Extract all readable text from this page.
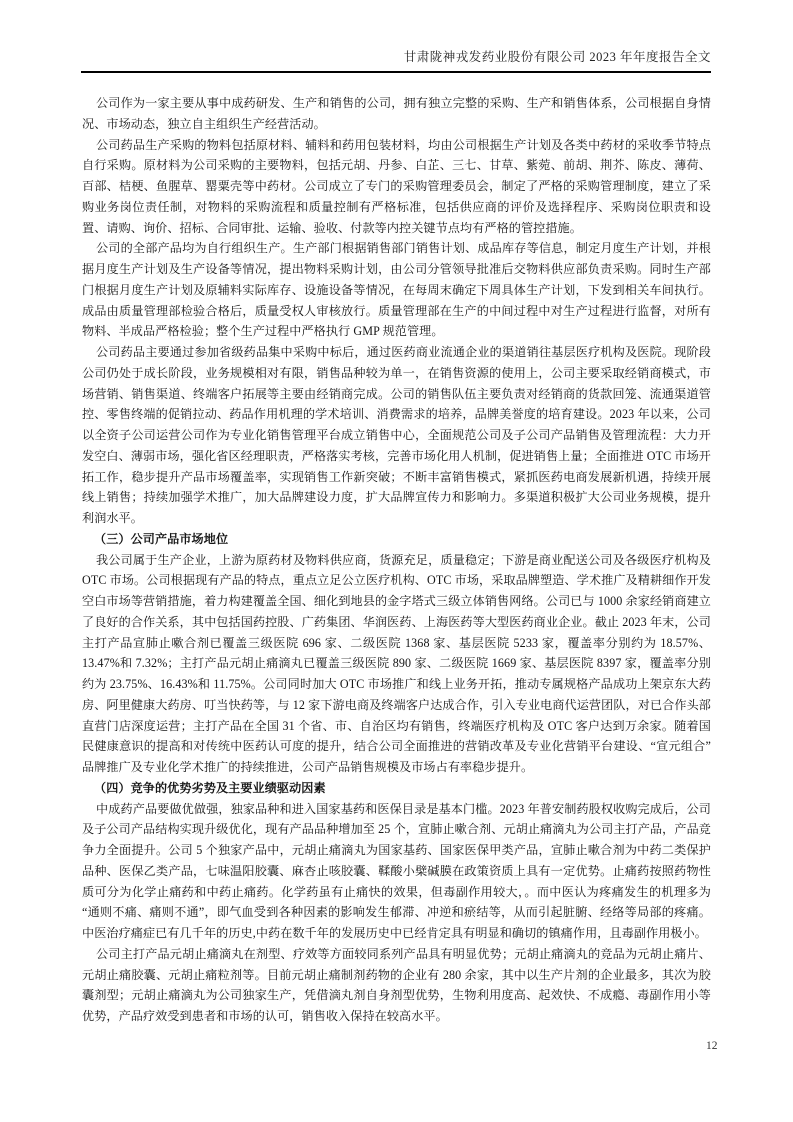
甘肃陇神戎发药业股份有限公司 2023 年年度报告全文

公司作为一家主要从事中成药研发、生产和销售的公司，拥有独立完整的采购、生产和销售体系，公司根据自身情况、市场动态，独立自主组织生产经营活动。

公司药品生产采购的物料包括原材料、辅料和药用包装材料，均由公司根据生产计划及各类中药材的采收季节特点自行采购。原材料为公司采购的主要物料，包括元胡、丹参、白芷、三七、甘草、紫菀、前胡、荆芥、陈皮、薄荷、百部、桔梗、鱼腥草、罂粟壳等中药材。公司成立了专门的采购管理委员会，制定了严格的采购管理制度，建立了采购业务岗位责任制，对物料的采购流程和质量控制有严格标准，包括供应商的评价及选择程序、采购岗位职责和设置、请购、询价、招标、合同审批、运输、验收、付款等内控关键节点均有严格的管控措施。

公司的全部产品均为自行组织生产。生产部门根据销售部门销售计划、成品库存等信息，制定月度生产计划，并根据月度生产计划及生产设备等情况，提出物料采购计划，由公司分管领导批准后交物料供应部负责采购。同时生产部门根据月度生产计划及原辅料实际库存、设施设备等情况，在每周末确定下周具体生产计划，下发到相关车间执行。成品由质量管理部检验合格后，质量受权人审核放行。质量管理部在生产的中间过程中对生产过程进行监督，对所有物料、半成品严格检验；整个生产过程中严格执行 GMP 规范管理。

公司药品主要通过参加省级药品集中采购中标后，通过医药商业流通企业的渠道销往基层医疗机构及医院。现阶段公司仍处于成长阶段，业务规模相对有限，销售品种较为单一，在销售资源的使用上，公司主要采取经销商模式，市场营销、销售渠道、终端客户拓展等主要由经销商完成。公司的销售队伍主要负责对经销商的货款回笼、流通渠道管控、零售终端的促销拉动、药品作用机理的学术培训、消费需求的培养，品牌美誉度的培育建设。2023 年以来，公司以全资子公司运营公司作为专业化销售管理平台成立销售中心，全面规范公司及子公司产品销售及管理流程：大力开发空白、薄弱市场，强化省区经理职责，严格落实考核，完善市场化用人机制，促进销售上量；全面推进 OTC 市场开拓工作，稳步提升产品市场覆盖率，实现销售工作新突破；不断丰富销售模式，紧抓医药电商发展新机遇，持续开展线上销售；持续加强学术推广，加大品牌建设力度，扩大品牌宣传力和影响力。多渠道积极扩大公司业务规模，提升利润水平。

（三）公司产品市场地位

我公司属于生产企业，上游为原药材及物料供应商，货源充足，质量稳定；下游是商业配送公司及各级医疗机构及 OTC 市场。公司根据现有产品的特点，重点立足公立医疗机构、OTC 市场，采取品牌塑造、学术推广及精耕细作开发空白市场等营销措施，着力构建覆盖全国、细化到地县的金字塔式三级立体销售网络。公司已与 1000 余家经销商建立了良好的合作关系，其中包括国药控股、广药集团、华润医药、上海医药等大型医药商业企业。截止 2023 年末，公司主打产品宣肺止嗽合剂已覆盖三级医院 696 家、二级医院 1368 家、基层医院 5233 家，覆盖率分别约为 18.57%、13.47%和 7.32%；主打产品元胡止痛滴丸已覆盖三级医院 890 家、二级医院 1669 家、基层医院 8397 家，覆盖率分别约为 23.75%、16.43%和 11.75%。公司同时加大 OTC 市场推广和线上业务开拓，推动专属规格产品成功上架京东大药房、阿里健康大药房、叮当快药等，与 12 家下游电商及终端客户达成合作，引入专业电商代运营团队，对已合作头部直营门店深度运营；主打产品在全国 31 个省、市、自治区均有销售，终端医疗机构及 OTC 客户达到万余家。随着国民健康意识的提高和对传统中医药认可度的提升，结合公司全面推进的营销改革及专业化营销平台建设、“宣元组合”品牌推广及专业化学术推广的持续推进，公司产品销售规模及市场占有率稳步提升。

（四）竞争的优势劣势及主要业绩驱动因素

中成药产品要做优做强，独家品种和进入国家基药和医保目录是基本门槛。2023 年普安制药股权收购完成后，公司及子公司产品结构实现升级优化，现有产品品种增加至 25 个，宣肺止嗽合剂、元胡止痛滴丸为公司主打产品，产品竞争力全面提升。公司 5 个独家产品中，元胡止痛滴丸为国家基药、国家医保甲类产品，宣肺止嗽合剂为中药二类保护品种、医保乙类产品，七味温阳胶囊、麻杏止咳胶囊、鞣酸小檗碱膜在政策资质上具有一定优势。止痛药按照药物性质可分为化学止痛药和中药止痛药。化学药虽有止痛快的效果，但毒副作用较大，。而中医认为疼痛发生的机理多为“通则不痛、痛则不通”，即气血受到各种因素的影响发生郁滞、冲逆和瘀结等，从而引起脏腑、经络等局部的疼痛。中医治疗痛症已有几千年的历史,中药在数千年的发展历史中已经肯定具有明显和确切的镇痛作用，且毒副作用极小。

公司主打产品元胡止痛滴丸在剂型、疗效等方面较同系列产品具有明显优势；元胡止痛滴丸的竞品为元胡止痛片、元胡止痛胶囊、元胡止痛粒剂等。目前元胡止痛制剂药物的企业有 280 余家，其中以生产片剂的企业最多，其次为胶囊剂型；元胡止痛滴丸为公司独家生产，凭借滴丸剂自身剂型优势，生物利用度高、起效快、不成瘾、毒副作用小等优势，产品疗效受到患者和市场的认可，销售收入保持在较高水平。

12
